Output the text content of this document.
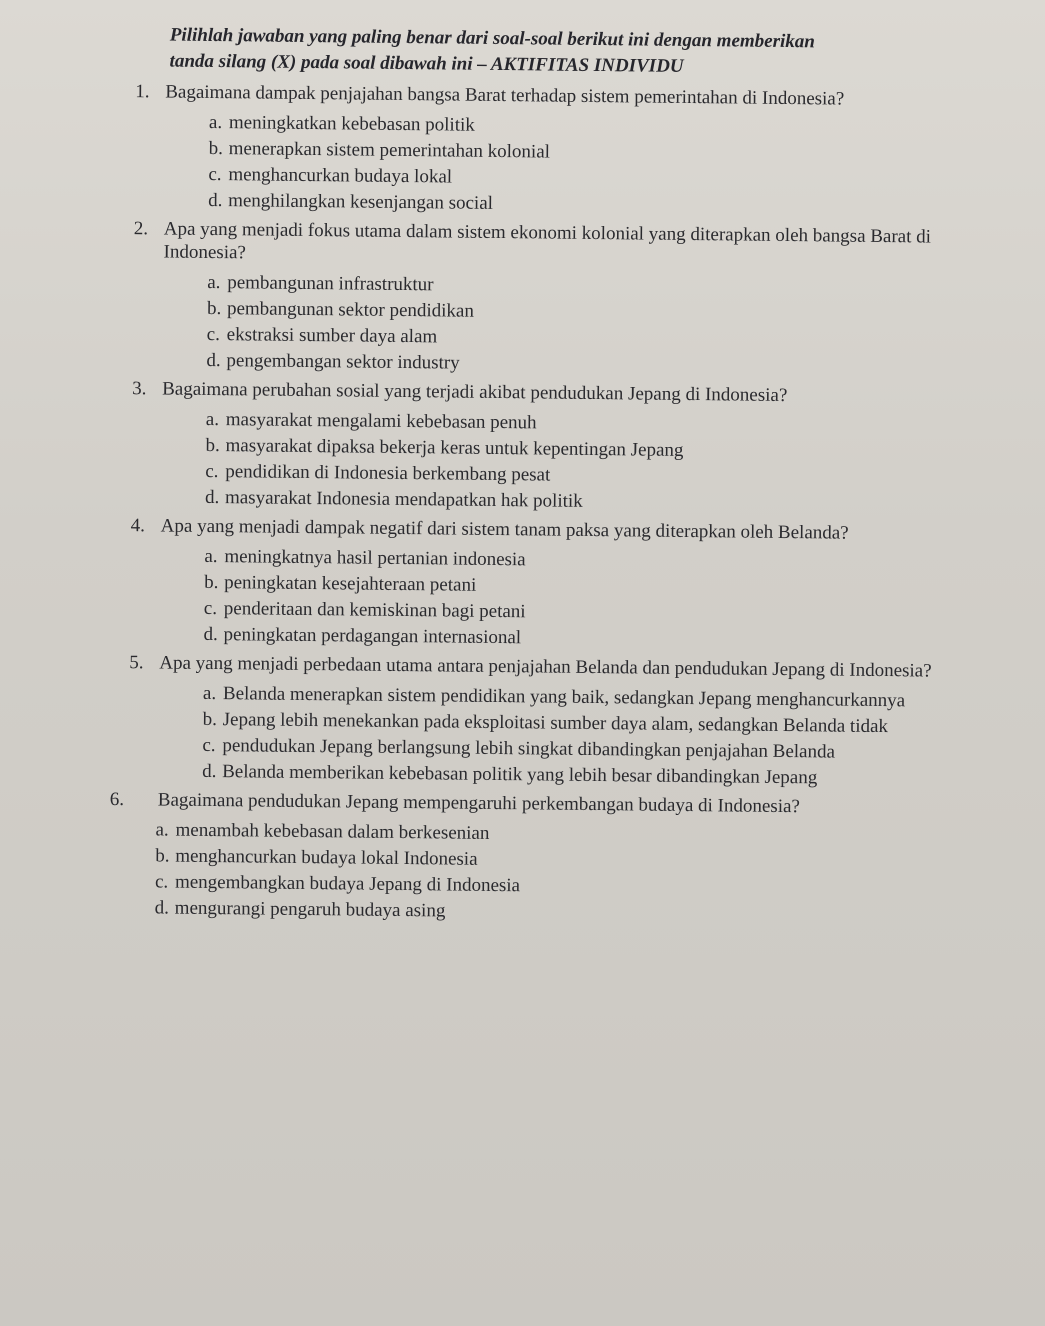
Pilihlah jawaban yang paling benar dari soal-soal berikut ini dengan memberikan
tanda silang (X) pada soal dibawah ini – AKTIFITAS INDIVIDU
1. Bagaimana dampak penjajahan bangsa Barat terhadap sistem pemerintahan di Indonesia?
a. meningkatkan kebebasan politik
b. menerapkan sistem pemerintahan kolonial
c. menghancurkan budaya lokal
d. menghilangkan kesenjangan social
2. Apa yang menjadi fokus utama dalam sistem ekonomi kolonial yang diterapkan oleh bangsa Barat di Indonesia?
a. pembangunan infrastruktur
b. pembangunan sektor pendidikan
c. ekstraksi sumber daya alam
d. pengembangan sektor industry
3. Bagaimana perubahan sosial yang terjadi akibat pendudukan Jepang di Indonesia?
a. masyarakat mengalami kebebasan penuh
b. masyarakat dipaksa bekerja keras untuk kepentingan Jepang
c. pendidikan di Indonesia berkembang pesat
d. masyarakat Indonesia mendapatkan hak politik
4. Apa yang menjadi dampak negatif dari sistem tanam paksa yang diterapkan oleh Belanda?
a. meningkatnya hasil pertanian indonesia
b. peningkatan kesejahteraan petani
c. penderitaan dan kemiskinan bagi petani
d. peningkatan perdagangan internasional
5. Apa yang menjadi perbedaan utama antara penjajahan Belanda dan pendudukan Jepang di Indonesia?
a. Belanda menerapkan sistem pendidikan yang baik, sedangkan Jepang menghancurkannya
b. Jepang lebih menekankan pada eksploitasi sumber daya alam, sedangkan Belanda tidak
c. pendudukan Jepang berlangsung lebih singkat dibandingkan penjajahan Belanda
d. Belanda memberikan kebebasan politik yang lebih besar dibandingkan Jepang
6.	Bagaimana pendudukan Jepang mempengaruhi perkembangan budaya di Indonesia?
a. menambah kebebasan dalam berkesenian
b. menghancurkan budaya lokal Indonesia
c. mengembangkan budaya Jepang di Indonesia
d. mengurangi pengaruh budaya asing
